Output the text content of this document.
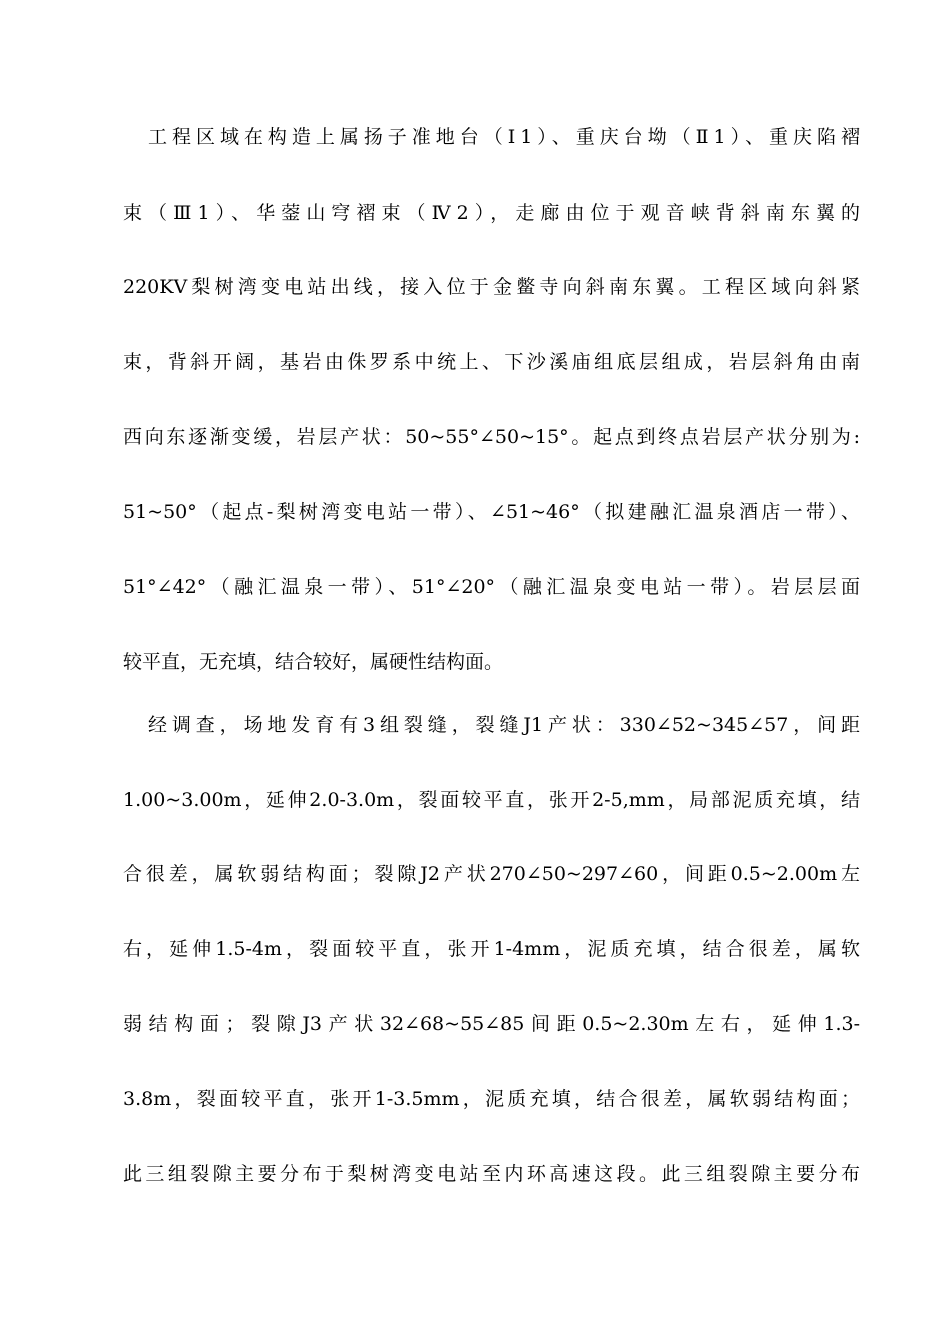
工程区域在构造上属扬子准地台（Ⅰ1）、重庆台坳（Ⅱ1）、重庆陷褶
束（Ⅲ1）、华蓥山穹褶束（Ⅳ2），走廊由位于观音峡背斜南东翼的
220KV梨树湾变电站出线，接入位于金鳖寺向斜南东翼。工程区域向斜紧
束，背斜开阔，基岩由侏罗系中统上、下沙溪庙组底层组成，岩层斜角由南
西向东逐渐变缓，岩层产状：50~55°∠50~15°。起点到终点岩层产状分别为:
51~50°（起点-梨树湾变电站一带）、∠51~46°（拟建融汇温泉酒店一带）、
51°∠42°（融汇温泉一带）、51°∠20°（融汇温泉变电站一带）。岩层层面
较平直，无充填，结合较好，属硬性结构面。
经调查，场地发育有3组裂缝，裂缝J1产状：330∠52~345∠57，间距
1.00~3.00m，延伸2.0-3.0m，裂面较平直，张开2-5,mm，局部泥质充填，结
合很差，属软弱结构面；裂隙J2产状270∠50~297∠60，间距0.5~2.00m左
右，延伸1.5-4m，裂面较平直，张开1-4mm，泥质充填，结合很差，属软
弱结构面；裂隙J3产状32∠68~55∠85间距0.5~2.30m左右，延伸1.3-
3.8m，裂面较平直，张开1-3.5mm，泥质充填，结合很差，属软弱结构面；
此三组裂隙主要分布于梨树湾变电站至内环高速这段。此三组裂隙主要分布
